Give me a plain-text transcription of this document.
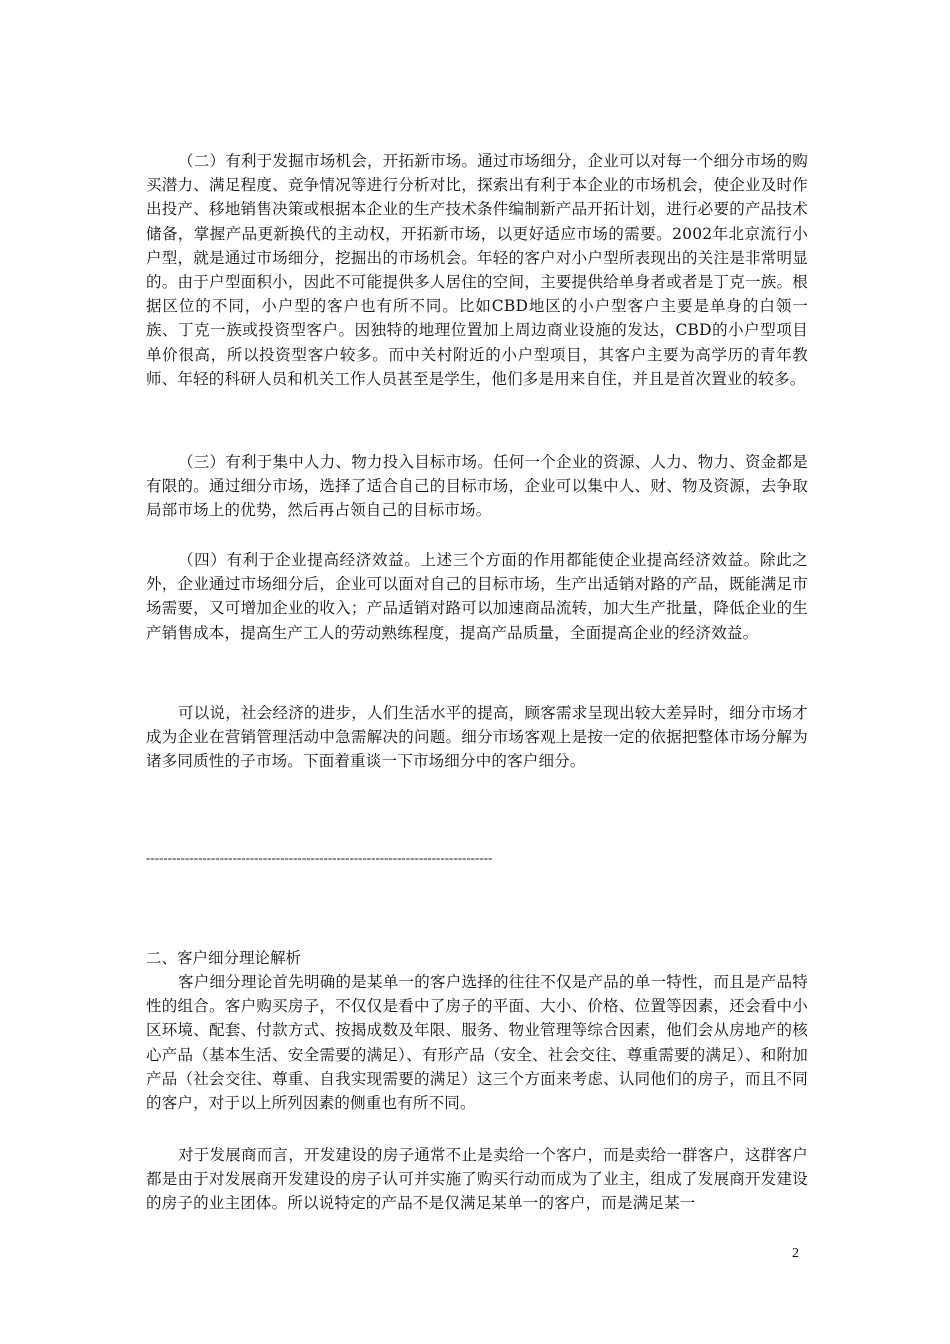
（二）有利于发掘市场机会，开拓新市场。通过市场细分，企业可以对每一个细分市场的购买潜力、满足程度、竞争情况等进行分析对比，探索出有利于本企业的市场机会，使企业及时作出投产、移地销售决策或根据本企业的生产技术条件编制新产品开拓计划，进行必要的产品技术储备，掌握产品更新换代的主动权，开拓新市场，以更好适应市场的需要。2002年北京流行小户型，就是通过市场细分，挖掘出的市场机会。年轻的客户对小户型所表现出的关注是非常明显的。由于户型面积小，因此不可能提供多人居住的空间，主要提供给单身者或者是丁克一族。根据区位的不同，小户型的客户也有所不同。比如CBD地区的小户型客户主要是单身的白领一族、丁克一族或投资型客户。因独特的地理位置加上周边商业设施的发达，CBD的小户型项目单价很高，所以投资型客户较多。而中关村附近的小户型项目，其客户主要为高学历的青年教师、年轻的科研人员和机关工作人员甚至是学生，他们多是用来自住，并且是首次置业的较多。

（三）有利于集中人力、物力投入目标市场。任何一个企业的资源、人力、物力、资金都是有限的。通过细分市场，选择了适合自己的目标市场，企业可以集中人、财、物及资源，去争取局部市场上的优势，然后再占领自己的目标市场。

（四）有利于企业提高经济效益。上述三个方面的作用都能使企业提高经济效益。除此之外，企业通过市场细分后，企业可以面对自己的目标市场，生产出适销对路的产品，既能满足市场需要，又可增加企业的收入；产品适销对路可以加速商品流转，加大生产批量，降低企业的生产销售成本，提高生产工人的劳动熟练程度，提高产品质量，全面提高企业的经济效益。

可以说，社会经济的进步，人们生活水平的提高，顾客需求呈现出较大差异时，细分市场才成为企业在营销管理活动中急需解决的问题。细分市场客观上是按一定的依据把整体市场分解为诸多同质性的子市场。下面着重谈一下市场细分中的客户细分。

--------------------------------------------------------------------------------
二、客户细分理论解析

客户细分理论首先明确的是某单一的客户选择的往往不仅是产品的单一特性，而且是产品特性的组合。客户购买房子，不仅仅是看中了房子的平面、大小、价格、位置等因素，还会看中小区环境、配套、付款方式、按揭成数及年限、服务、物业管理等综合因素，他们会从房地产的核心产品（基本生活、安全需要的满足）、有形产品（安全、社会交往、尊重需要的满足）、和附加产品（社会交往、尊重、自我实现需要的满足）这三个方面来考虑、认同他们的房子，而且不同的客户，对于以上所列因素的侧重也有所不同。

对于发展商而言，开发建设的房子通常不止是卖给一个客户，而是卖给一群客户，这群客户都是由于对发展商开发建设的房子认可并实施了购买行动而成为了业主，组成了发展商开发建设的房子的业主团体。所以说特定的产品不是仅满足某单一的客户，而是满足某一

2
